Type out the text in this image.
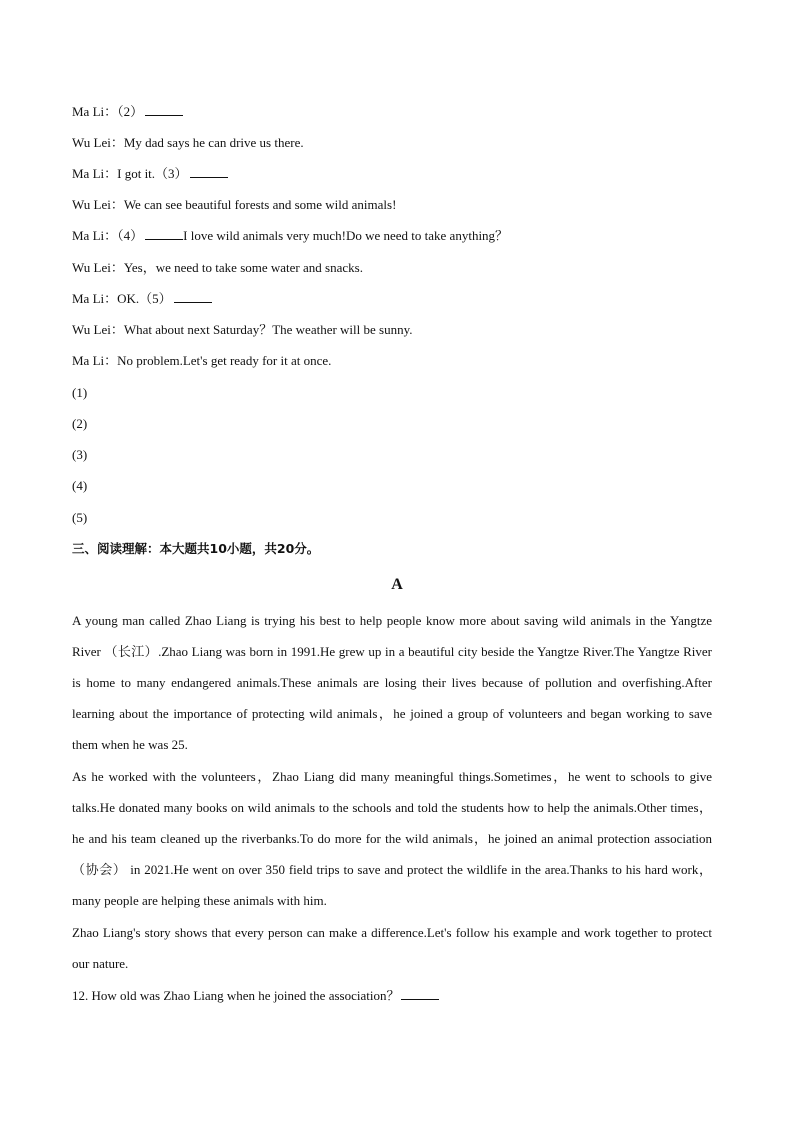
Ma Li：（2）
Wu Lei：My dad says he can drive us there.
Ma Li：I got it.（3）
Wu Lei：We can see beautiful forests and some wild animals!
Ma Li：（4）	I love wild animals very much!Do we need to take anything？
Wu Lei：Yes，we need to take some water and snacks.
Ma Li：OK.（5）
Wu Lei：What about next Saturday？The weather will be sunny.
Ma Li：No problem.Let's get ready for it at once.
(1)
(2)
(3)
(4)
(5)
三、阅读理解：本大题共10小题，共20分。
A
A young man called Zhao Liang is trying his best to help people know more about saving wild animals in the Yangtze River （长江）.Zhao Liang was born in 1991.He grew up in a beautiful city beside the Yangtze River.The Yangtze River is home to many endangered animals.These animals are losing their lives because of pollution and overfishing.After learning about the importance of protecting wild animals，he joined a group of volunteers and began working to save them when he was 25.
As he worked with the volunteers，Zhao Liang did many meaningful things.Sometimes，he went to schools to give talks.He donated many books on wild animals to the schools and told the students how to help the animals.Other times，he and his team cleaned up the riverbanks.To do more for the wild animals，he joined an animal protection association （协会） in 2021.He went on over 350 field trips to save and protect the wildlife in the area.Thanks to his hard work，many people are helping these animals with him.
Zhao Liang's story shows that every person can make a difference.Let's follow his example and work together to protect our nature.
12. How old was Zhao Liang when he joined the association？
